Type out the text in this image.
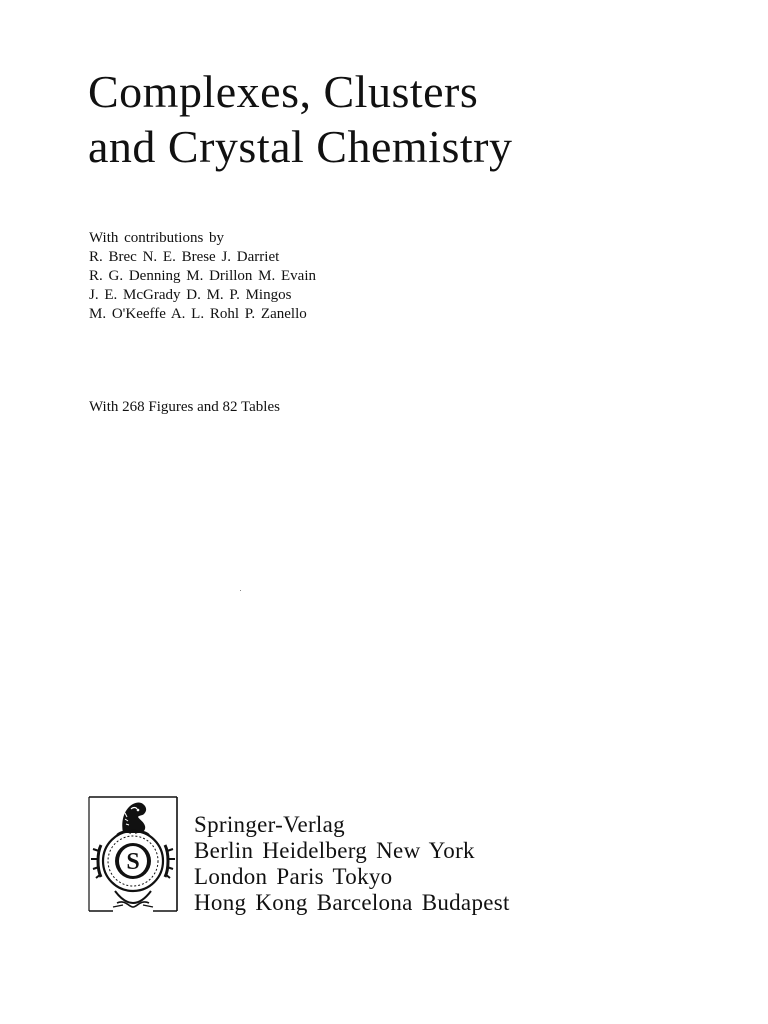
Complexes, Clusters
and Crystal Chemistry
With contributions by
R. Brec N. E. Brese J. Darriet
R. G. Denning M. Drillon M. Evain
J. E. McGrady D. M. P. Mingos
M. O'Keeffe A. L. Rohl P. Zanello
With 268 Figures and 82 Tables
S
Springer-Verlag
Berlin Heidelberg New York
London Paris Tokyo
Hong Kong Barcelona Budapest
